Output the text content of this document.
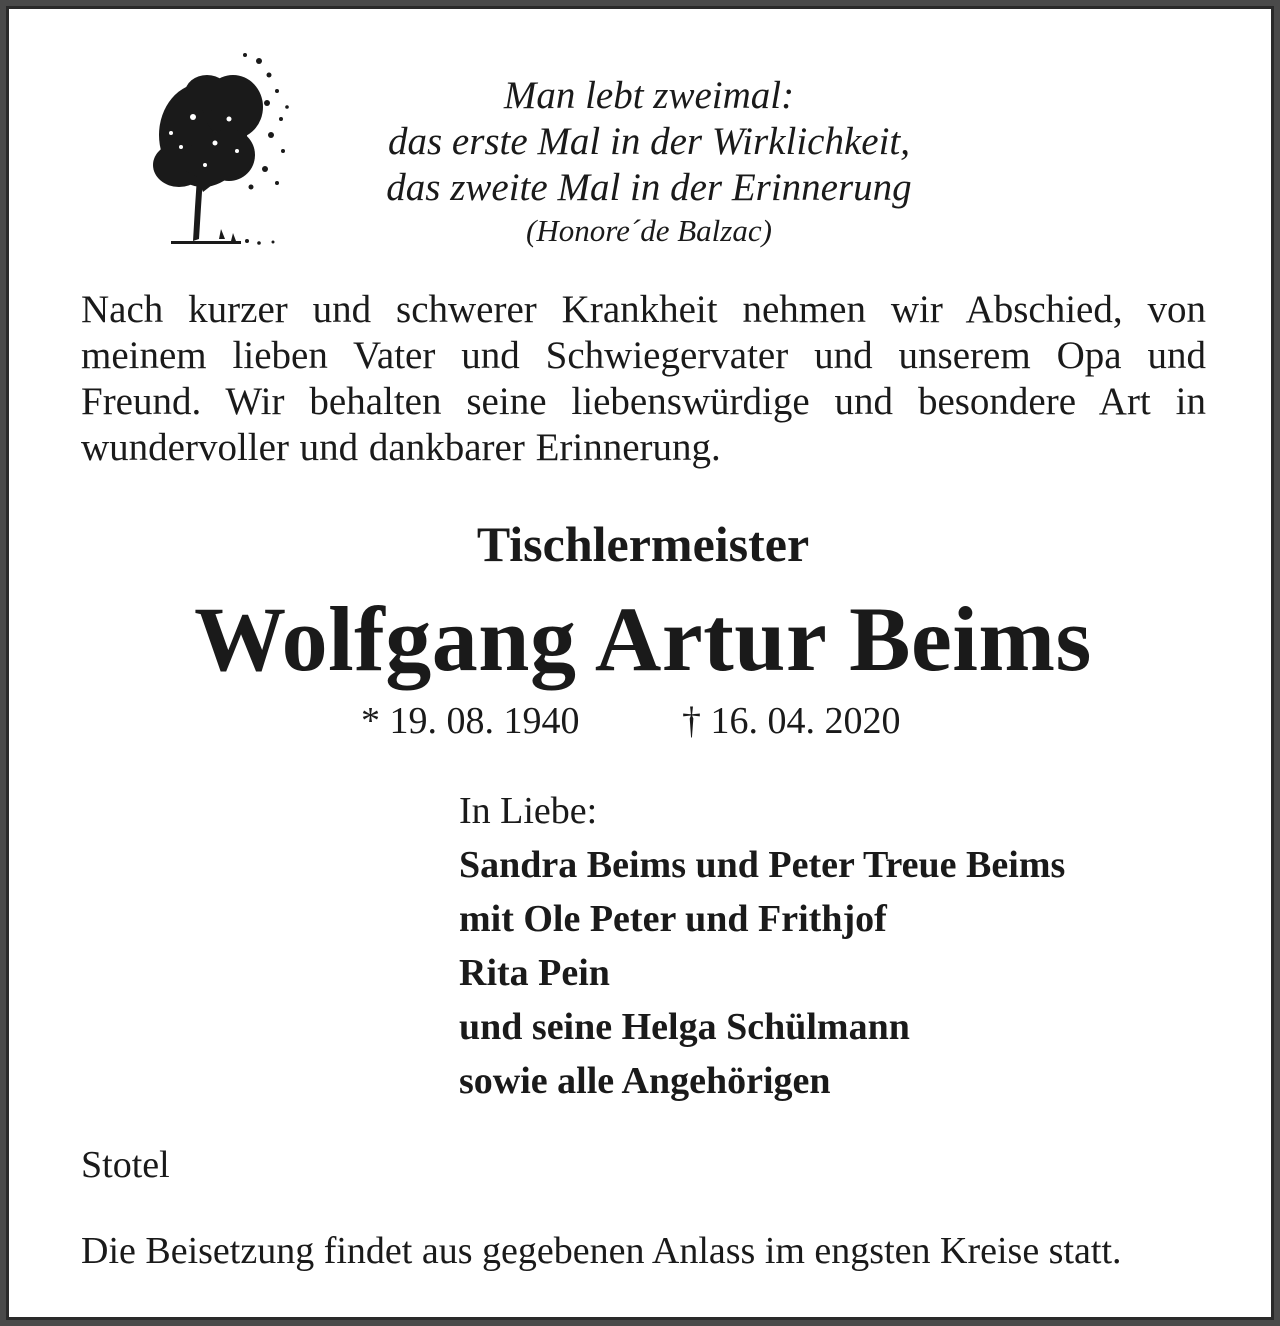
Man lebt zweimal:
das erste Mal in der Wirklichkeit,
das zweite Mal in der Erinnerung
(Honore´de Balzac)
Nach kurzer und schwerer Krankheit nehmen wir Abschied, von meinem lieben Vater und Schwiegervater und unserem Opa und Freund. Wir behalten seine liebenswürdige und besondere Art in wundervoller und dankbarer Erinnerung.
Tischlermeister
Wolfgang Artur Beims
* 19. 08. 1940	† 16. 04. 2020
In Liebe:
Sandra Beims und Peter Treue Beims
mit Ole Peter und Frithjof
Rita Pein
und seine Helga Schülmann
sowie alle Angehörigen
Stotel
Die Beisetzung findet aus gegebenen Anlass im engsten Kreise statt.
